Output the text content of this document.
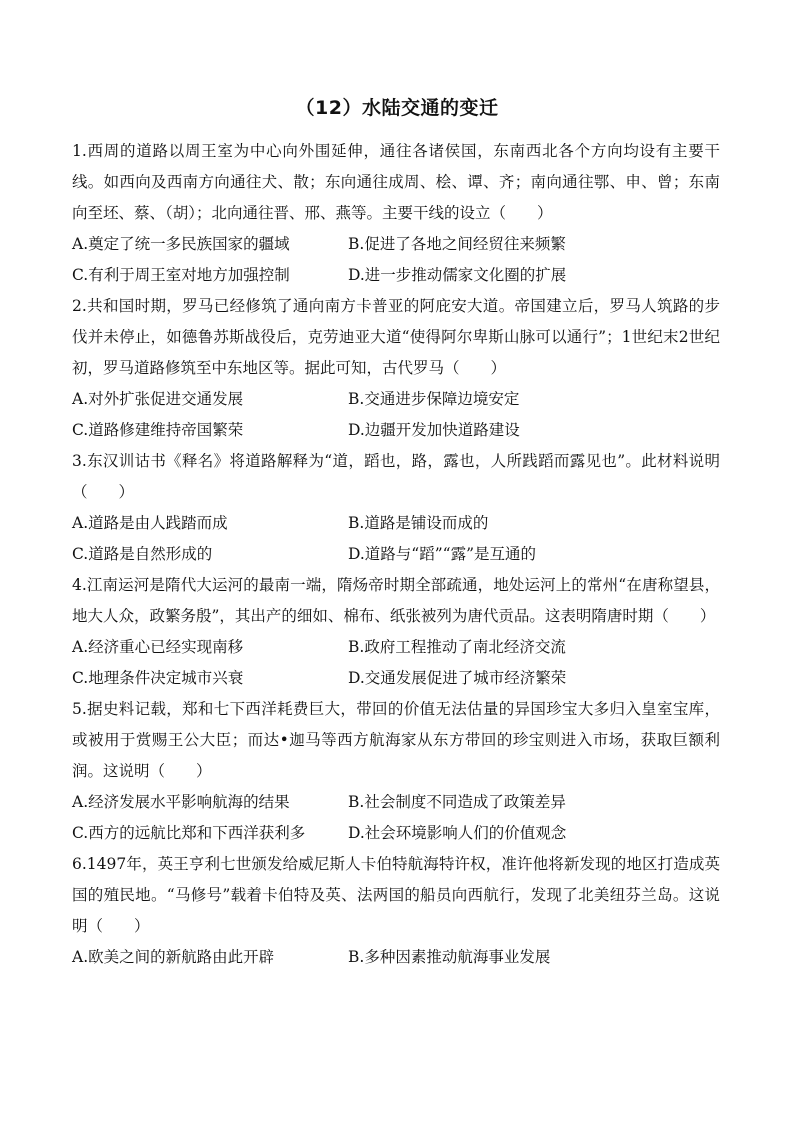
（12）水陆交通的变迁

1.西周的道路以周王室为中心向外围延伸，通往各诸侯国，东南西北各个方向均设有主要干线。如西向及西南方向通往犬、散；东向通往成周、桧、谭、齐；南向通往鄂、申、曾；东南向至坯、蔡、（胡）；北向通往晋、邢、燕等。主要干线的设立（　　）

A.奠定了统一多民族国家的疆域	B.促进了各地之间经贸往来频繁

C.有利于周王室对地方加强控制	D.进一步推动儒家文化圈的扩展

2.共和国时期，罗马已经修筑了通向南方卡普亚的阿庇安大道。帝国建立后，罗马人筑路的步伐并未停止，如德鲁苏斯战役后，克劳迪亚大道“使得阿尔卑斯山脉可以通行”；1世纪末2世纪初，罗马道路修筑至中东地区等。据此可知，古代罗马（　　）

A.对外扩张促进交通发展	B.交通进步保障边境安定

C.道路修建维持帝国繁荣	D.边疆开发加快道路建设

3.东汉训诂书《释名》将道路解释为“道，蹈也，路，露也，人所践蹈而露见也”。此材料说明（　　）

A.道路是由人践踏而成	B.道路是铺设而成的

C.道路是自然形成的	D.道路与“蹈”“露”是互通的

4.江南运河是隋代大运河的最南一端，隋炀帝时期全部疏通，地处运河上的常州“在唐称望县，地大人众，政繁务殷”，其出产的细如、棉布、纸张被列为唐代贡品。这表明隋唐时期（　　）

A.经济重心已经实现南移	B.政府工程推动了南北经济交流

C.地理条件决定城市兴衰	D.交通发展促进了城市经济繁荣

5.据史料记载，郑和七下西洋耗费巨大，带回的价值无法估量的异国珍宝大多归入皇室宝库，或被用于赏赐王公大臣；而达•迦马等西方航海家从东方带回的珍宝则进入市场，获取巨额利润。这说明（　　）

A.经济发展水平影响航海的结果	B.社会制度不同造成了政策差异

C.西方的远航比郑和下西洋获利多	D.社会环境影响人们的价值观念

6.1497年，英王亨利七世颁发给威尼斯人卡伯特航海特许权，准许他将新发现的地区打造成英国的殖民地。“马修号”载着卡伯特及英、法两国的船员向西航行，发现了北美纽芬兰岛。这说明（　　）

A.欧美之间的新航路由此开辟	B.多种因素推动航海事业发展
